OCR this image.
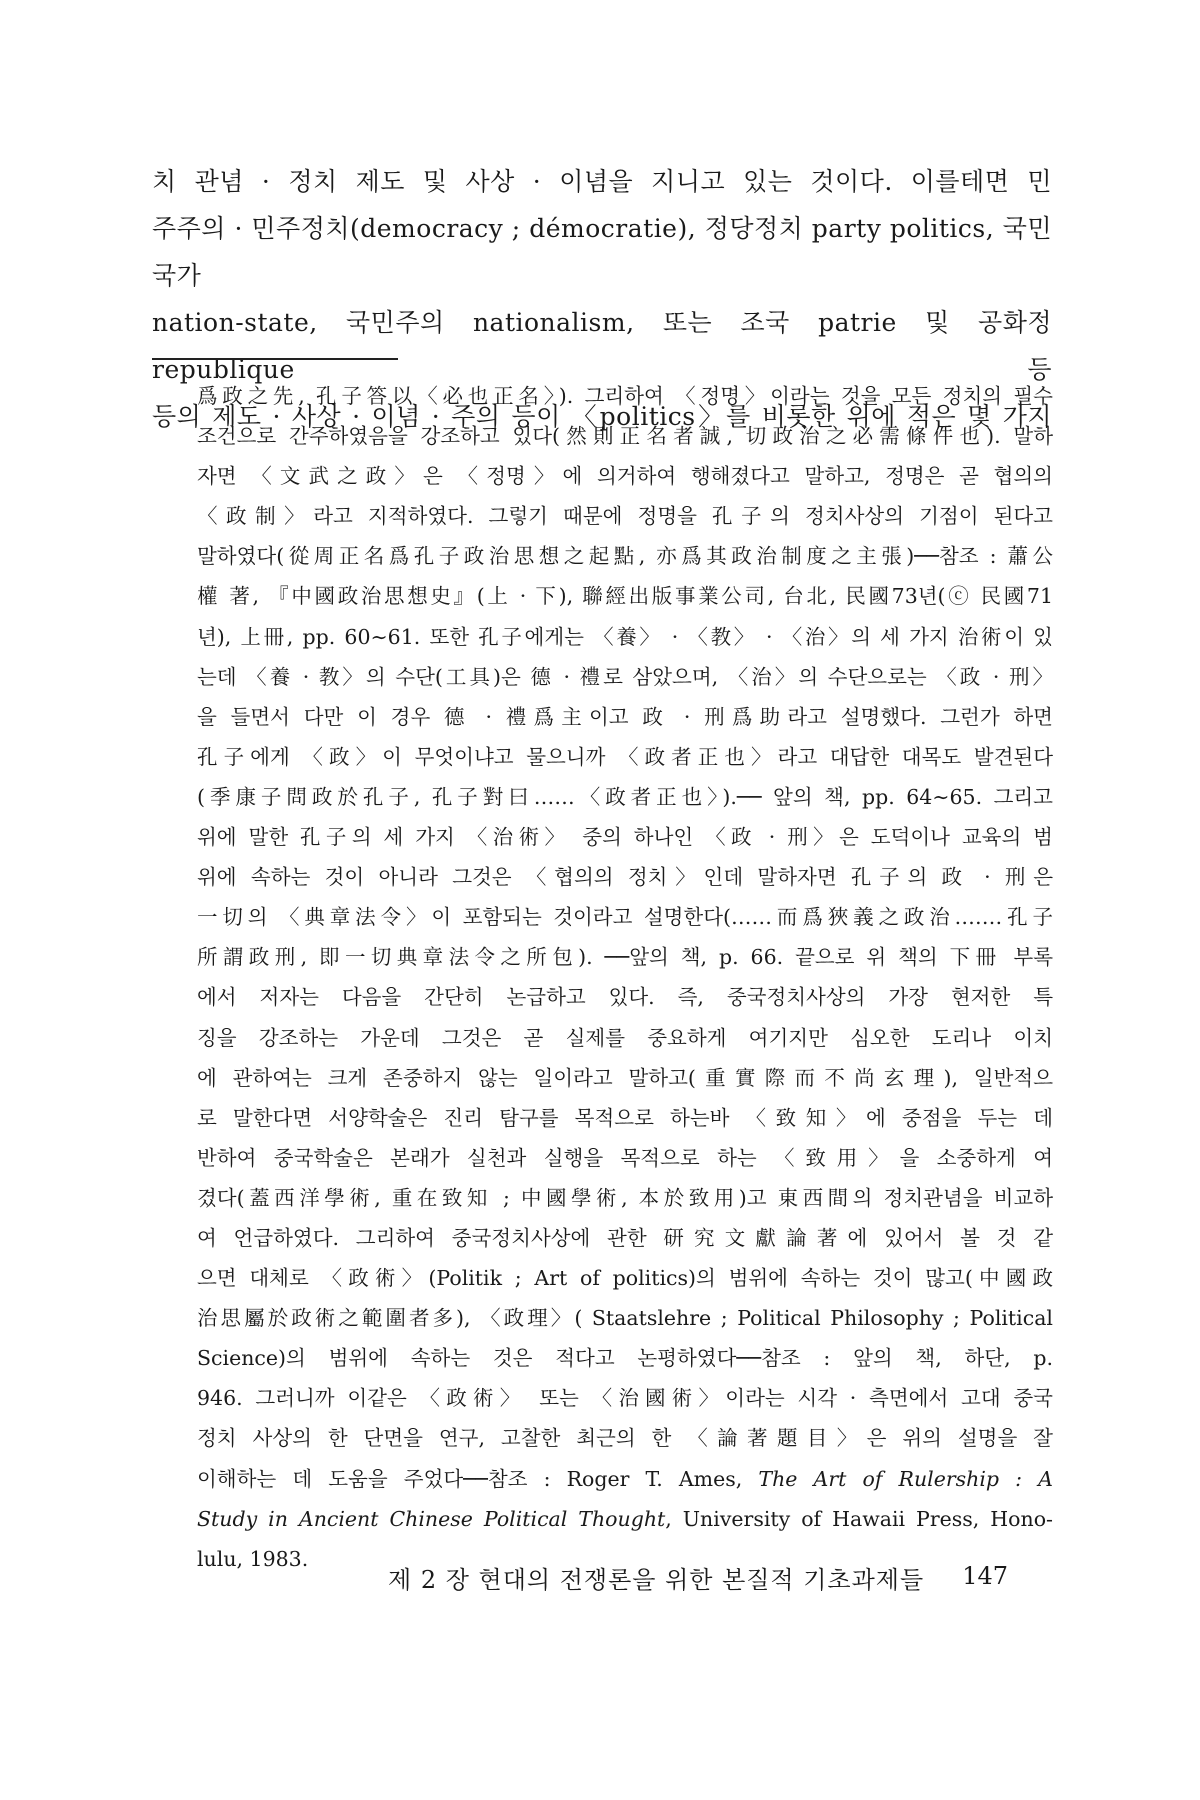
치 관념 · 정치 제도 및 사상 · 이념을 지니고 있는 것이다. 이를테면 민

주주의 · 민주정치(democracy ; démocratie), 정당정치 party politics, 국민국가

nation-state, 국민주의 nationalism, 또는 조국 patrie 및 공화정 republique 등

등의 제도 · 사상 · 이념 · 주의 등이 〈politics〉를 비롯한 위에 적은 몇 가지

爲政之先, 孔子答以〈必也正名〉). 그리하여 〈정명〉이라는 것을 모든 정치의 필수

조건으로 간주하였음을 강조하고 있다(然則正名者誠, 切政治之必需條件也). 말하

자면 〈文武之政〉은 〈정명〉에 의거하여 행해졌다고 말하고, 정명은 곧 협의의

〈政制〉라고 지적하였다. 그렇기 때문에 정명을 孔子의 정치사상의 기점이 된다고

말하였다(從周正名爲孔子政治思想之起點, 亦爲其政治制度之主張)──참조 : 蕭公

權 著, 『中國政治思想史』(上 · 下), 聯經出版事業公司, 台北, 民國73년(ⓒ 民國71

년), 上冊, pp. 60∼61. 또한 孔子에게는 〈養〉 · 〈教〉 · 〈治〉의 세 가지 治術이 있

는데 〈養 · 教〉의 수단(工具)은 德 · 禮로 삼았으며, 〈治〉의 수단으로는 〈政 · 刑〉

을 들면서 다만 이 경우 德 · 禮爲主이고 政 · 刑爲助라고 설명했다. 그런가 하면

孔子에게 〈政〉이 무엇이냐고 물으니까 〈政者正也〉라고 대답한 대목도 발견된다

(季康子問政於孔子, 孔子對曰……〈政者正也〉).── 앞의 책, pp. 64∼65. 그리고

위에 말한 孔子의 세 가지 〈治術〉 중의 하나인 〈政 · 刑〉은 도덕이나 교육의 범

위에 속하는 것이 아니라 그것은 〈협의의 정치〉인데 말하자면 孔子의 政 · 刑은

一切의 〈典章法令〉이 포함되는 것이라고 설명한다(……而爲狹義之政治.……孔子

所謂政刑, 即一切典章法令之所包). ──앞의 책, p. 66. 끝으로 위 책의 下冊 부록

에서 저자는 다음을 간단히 논급하고 있다. 즉, 중국정치사상의 가장 현저한 특

징을 강조하는 가운데 그것은 곧 실제를 중요하게 여기지만 심오한 도리나 이치

에 관하여는 크게 존중하지 않는 일이라고 말하고(重實際而不尚玄理), 일반적으

로 말한다면 서양학술은 진리 탐구를 목적으로 하는바 〈致知〉에 중점을 두는 데

반하여 중국학술은 본래가 실천과 실행을 목적으로 하는 〈致用〉을 소중하게 여

겼다(蓋西洋學術, 重在致知 ; 中國學術, 本於致用)고 東西間의 정치관념을 비교하

여 언급하였다. 그리하여 중국정치사상에 관한 研究文獻論著에 있어서 볼 것 같

으면 대체로 〈政術〉(Politik ; Art of politics)의 범위에 속하는 것이 많고(中國政

治思屬於政術之範圍者多), 〈政理〉( Staatslehre ; Political Philosophy ; Political

Science)의 범위에 속하는 것은 적다고 논평하였다──참조 : 앞의 책, 하단, p.

946. 그러니까 이같은 〈政術〉 또는 〈治國術〉이라는 시각 · 측면에서 고대 중국

정치 사상의 한 단면을 연구, 고찰한 최근의 한 〈論著題目〉은 위의 설명을 잘

이해하는 데 도움을 주었다──참조 : Roger T. Ames, The Art of Rulership : A

Study in Ancient Chinese Political Thought, University of Hawaii Press, Hono-

lulu, 1983.

제 2 장 현대의 전쟁론을 위한 본질적 기초과제들 147
